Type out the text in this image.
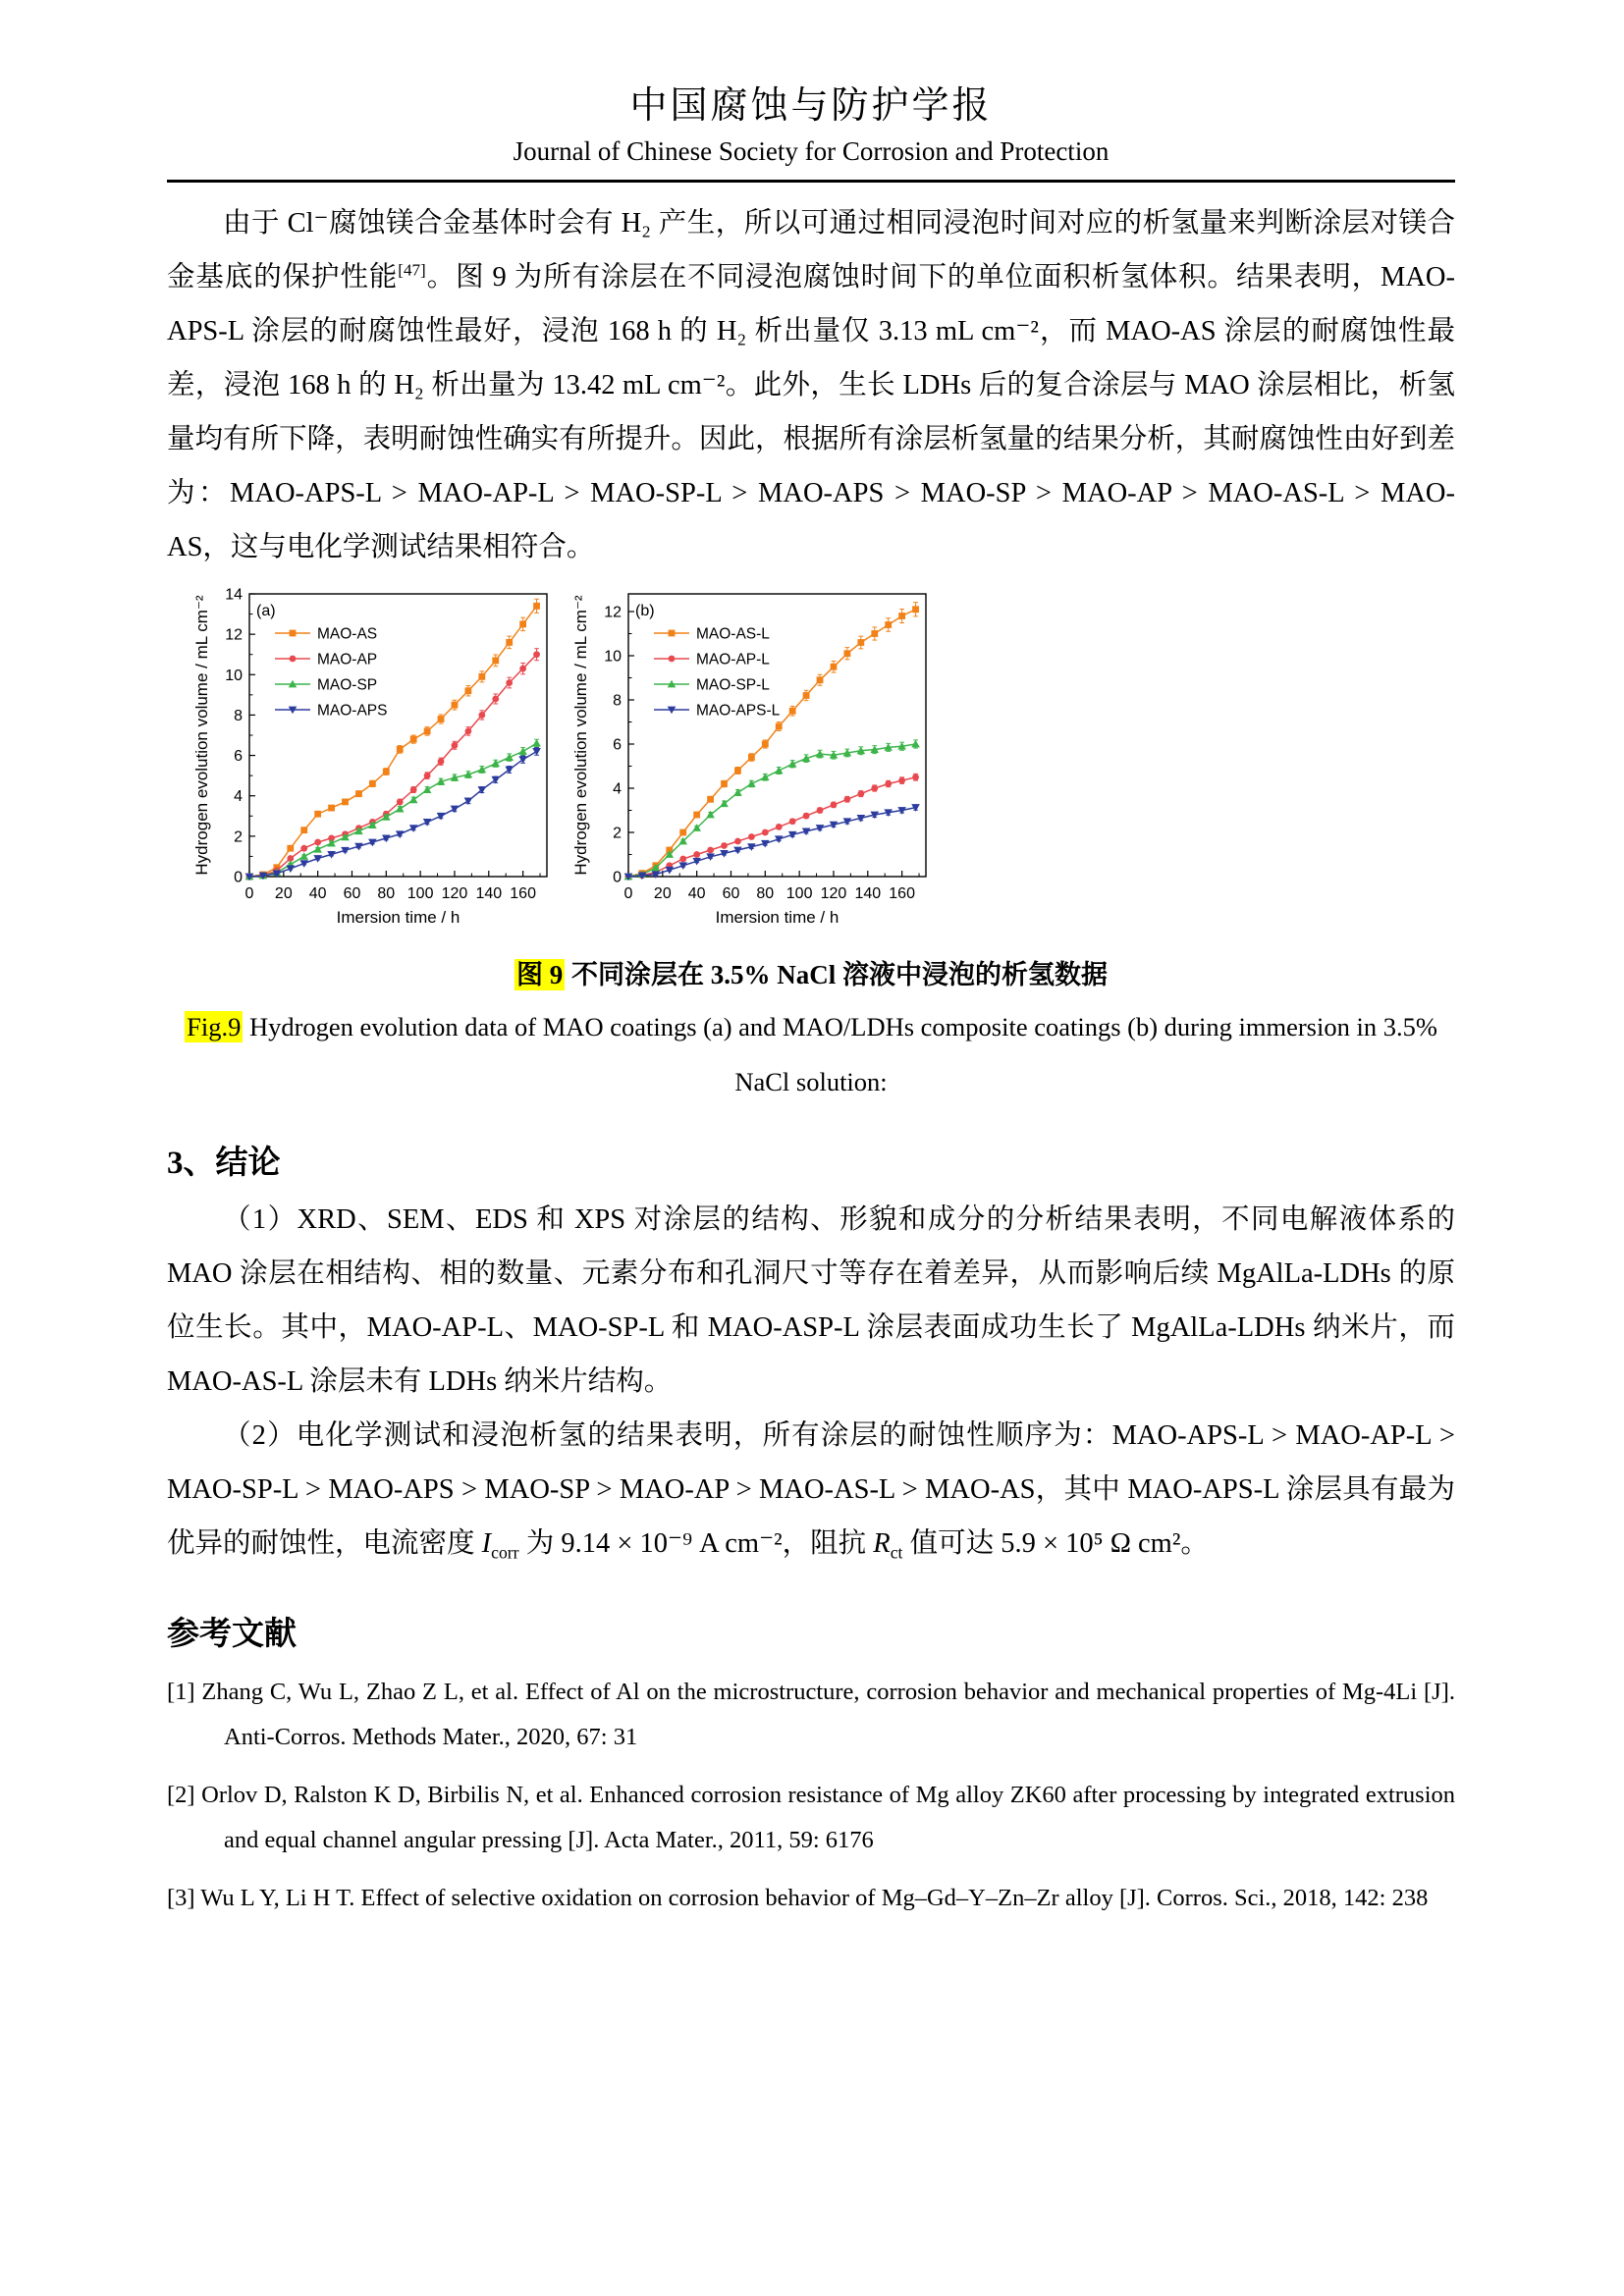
中国腐蚀与防护学报
Journal of Chinese Society for Corrosion and Protection

由于 Cl⁻腐蚀镁合金基体时会有 H₂ 产生，所以可通过相同浸泡时间对应的析氢量来判断涂层对镁合金基底的保护性能[47]。图 9 为所有涂层在不同浸泡腐蚀时间下的单位面积析氢体积。结果表明，MAO-APS-L 涂层的耐腐蚀性最好，浸泡 168 h 的 H₂ 析出量仅 3.13 mL cm⁻²，而 MAO-AS 涂层的耐腐蚀性最差，浸泡 168 h 的 H₂ 析出量为 13.42 mL cm⁻²。此外，生长 LDHs 后的复合涂层与 MAO 涂层相比，析氢量均有所下降，表明耐蚀性确实有所提升。因此，根据所有涂层析氢量的结果分析，其耐腐蚀性由好到差为：MAO-APS-L > MAO-AP-L > MAO-SP-L > MAO-APS > MAO-SP > MAO-AP > MAO-AS-L > MAO-AS，这与电化学测试结果相符合。

0 20 40 60 80 100 120 140 160
0
2
4
6
8
10
12
14
(a)
MAO-AS
MAO-AP
MAO-SP
MAO-APS
Imersion time / h
Hydrogen evolution volume / mL cm⁻²
0 20 40 60 80 100 120 140 160
0
2
4
6
8
10
12 (b)
MAO-AS-L
MAO-AP-L
MAO-SP-L
MAO-APS-L
Imersion time / h
Hydrogen evolution volume / mL cm⁻²
图 9 不同涂层在 3.5% NaCl 溶液中浸泡的析氢数据
Fig.9 Hydrogen evolution data of MAO coatings (a) and MAO/LDHs composite coatings (b) during immersion in 3.5% NaCl solution:
3、结论

（1）XRD、SEM、EDS 和 XPS 对涂层的结构、形貌和成分的分析结果表明，不同电解液体系的 MAO 涂层在相结构、相的数量、元素分布和孔洞尺寸等存在着差异，从而影响后续 MgAlLa-LDHs 的原位生长。其中，MAO-AP-L、MAO-SP-L 和 MAO-ASP-L 涂层表面成功生长了 MgAlLa-LDHs 纳米片，而 MAO-AS-L 涂层未有 LDHs 纳米片结构。

（2）电化学测试和浸泡析氢的结果表明，所有涂层的耐蚀性顺序为：MAO-APS-L > MAO-AP-L > MAO-SP-L > MAO-APS > MAO-SP > MAO-AP > MAO-AS-L > MAO-AS，其中 MAO-APS-L 涂层具有最为优异的耐蚀性，电流密度 $I_{corr}$ 为 9.14 × 10⁻⁹ A cm⁻²，阻抗 $R_{ct}$ 值可达 5.9 × 10⁵ Ω cm²。

参考文献

[1] Zhang C, Wu L, Zhao Z L, et al. Effect of Al on the microstructure, corrosion behavior and mechanical properties of Mg-4Li [J]. Anti-Corros. Methods Mater., 2020, 67: 31

[2] Orlov D, Ralston K D, Birbilis N, et al. Enhanced corrosion resistance of Mg alloy ZK60 after processing by integrated extrusion and equal channel angular pressing [J]. Acta Mater., 2011, 59: 6176

[3] Wu L Y, Li H T. Effect of selective oxidation on corrosion behavior of Mg–Gd–Y–Zn–Zr alloy [J]. Corros. Sci., 2018, 142: 238
